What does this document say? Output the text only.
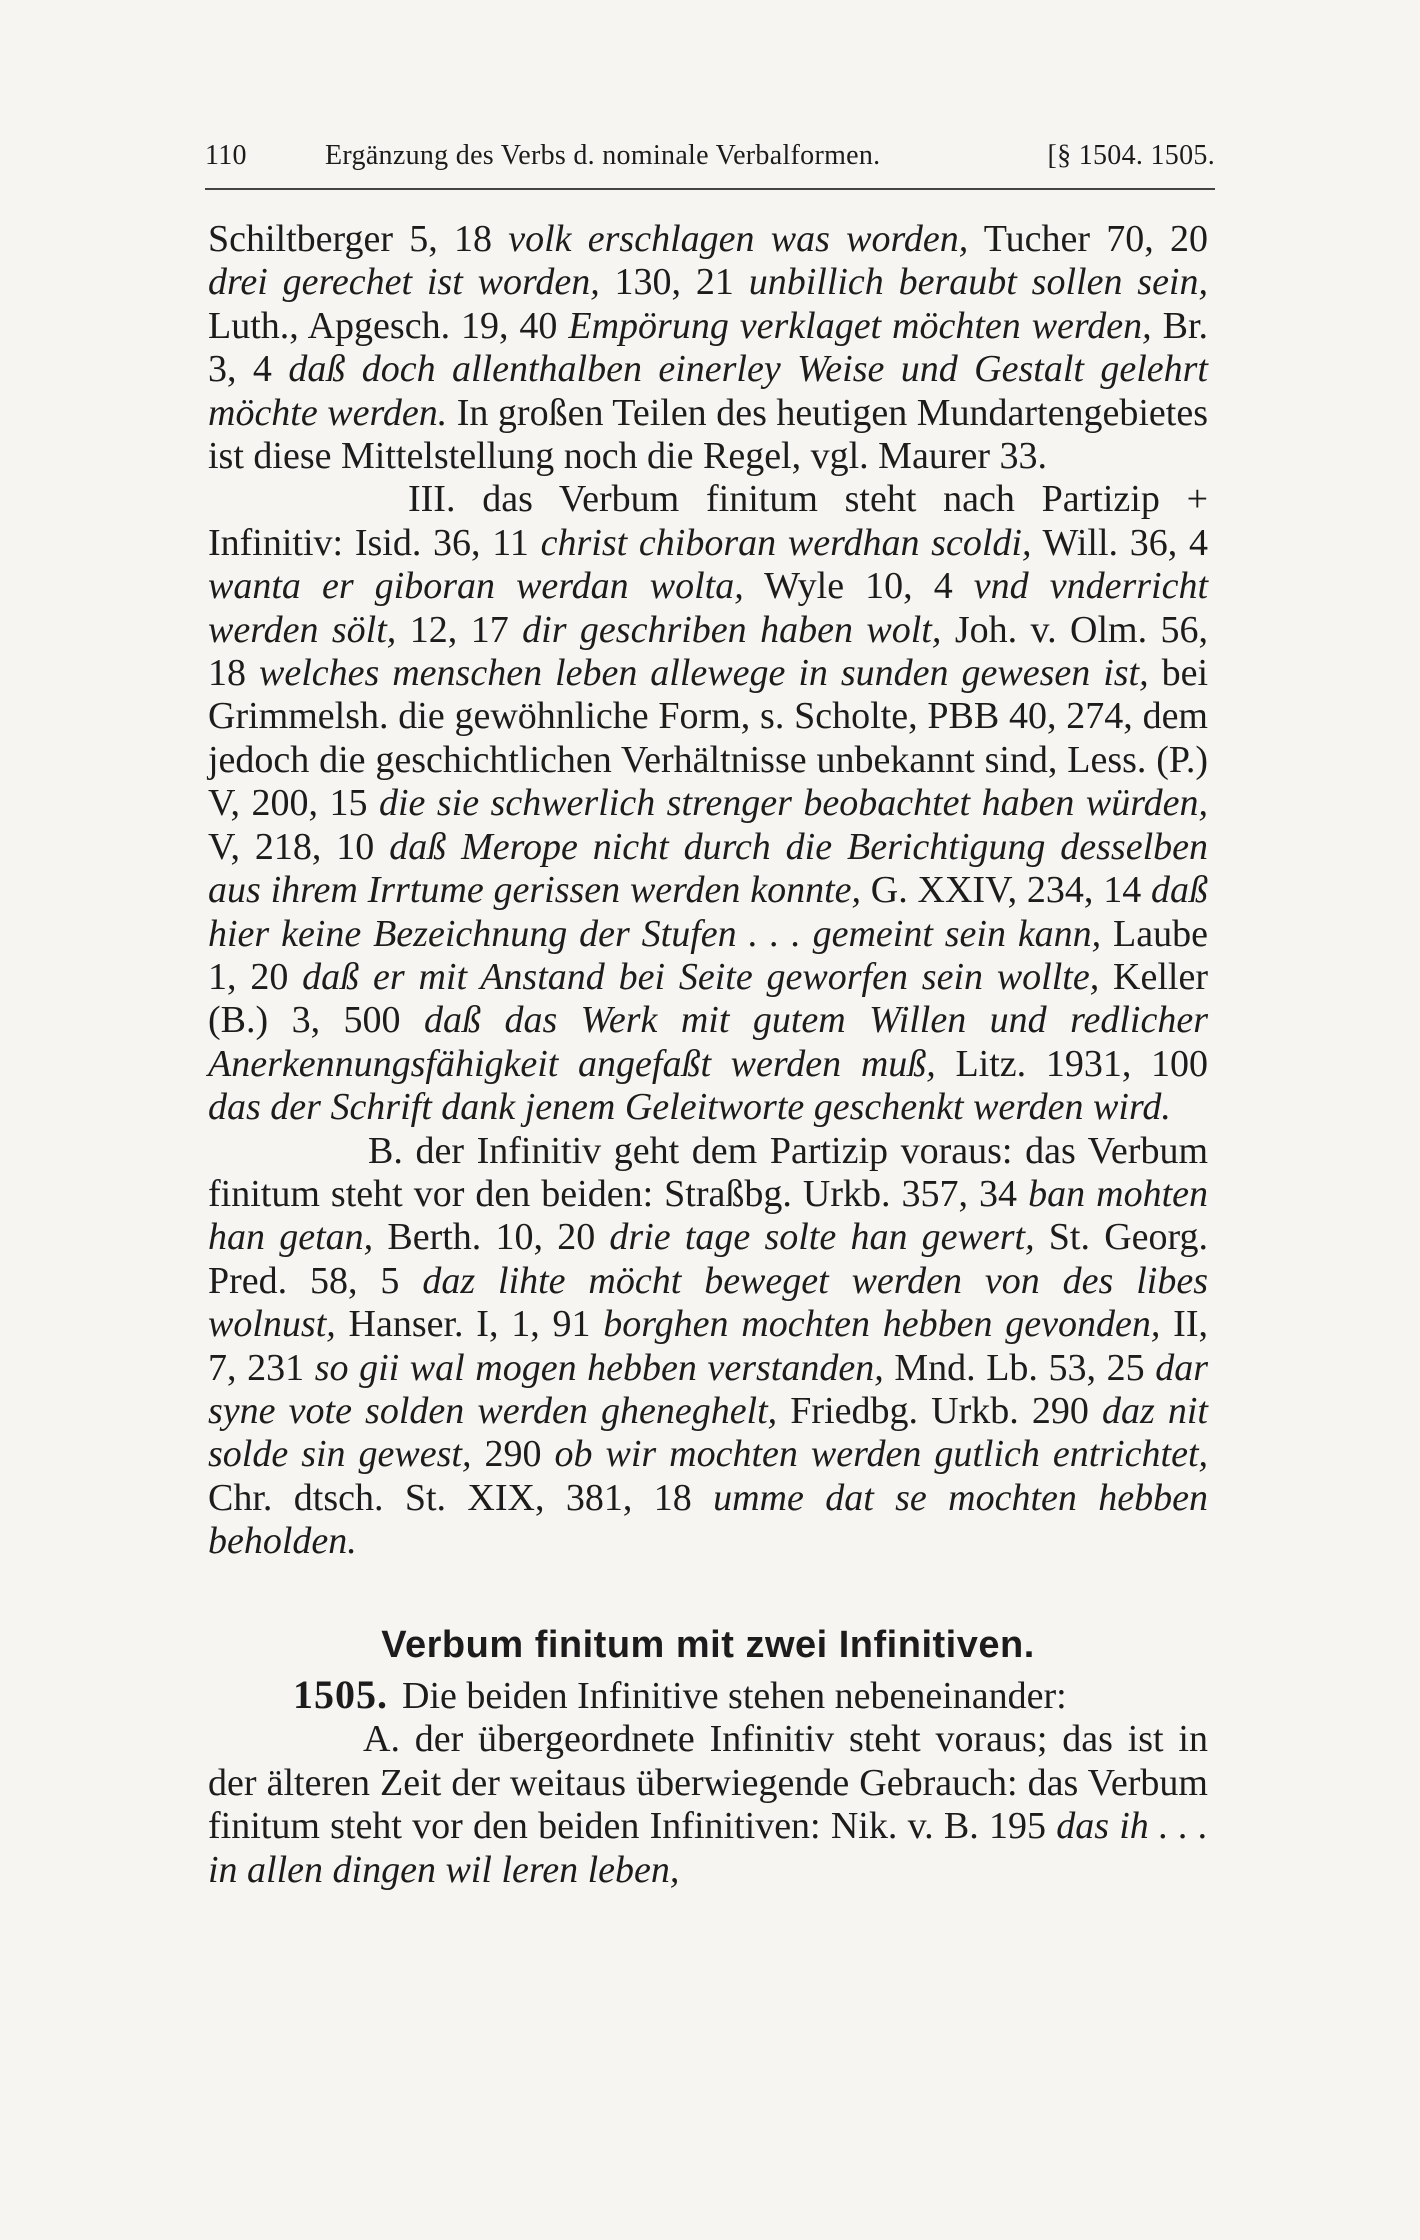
110	Ergänzung des Verbs d. nominale Verbalformen.	[§ 1504. 1505.

Schiltberger 5, 18 volk erschlagen was worden, Tucher 70, 20 drei gerechet ist worden, 130, 21 unbillich beraubt sollen sein, Luth., Apgesch. 19, 40 Empörung verklaget möchten werden, Br. 3, 4 daß doch allenthalben einerley Weise und Gestalt gelehrt möchte werden. In großen Teilen des heutigen Mundartengebietes ist diese Mittelstellung noch die Regel, vgl. Maurer 33.

III. das Verbum finitum steht nach Partizip + Infinitiv: Isid. 36, 11 christ chiboran werdhan scoldi, Will. 36, 4 wanta er giboran werdan wolta, Wyle 10, 4 vnd vnderricht werden sölt, 12, 17 dir geschriben haben wolt, Joh. v. Olm. 56, 18 welches menschen leben allewege in sunden gewesen ist, bei Grimmelsh. die gewöhnliche Form, s. Scholte, PBB 40, 274, dem jedoch die geschichtlichen Verhältnisse unbekannt sind, Less. (P.) V, 200, 15 die sie schwerlich strenger beobachtet haben würden, V, 218, 10 daß Merope nicht durch die Berichtigung desselben aus ihrem Irrtume gerissen werden konnte, G. XXIV, 234, 14 daß hier keine Bezeichnung der Stufen . . . gemeint sein kann, Laube 1, 20 daß er mit Anstand bei Seite geworfen sein wollte, Keller (B.) 3, 500 daß das Werk mit gutem Willen und redlicher Anerkennungsfähigkeit angefaßt werden muß, Litz. 1931, 100 das der Schrift dank jenem Geleitworte geschenkt werden wird.

B. der Infinitiv geht dem Partizip voraus: das Verbum finitum steht vor den beiden: Straßbg. Urkb. 357, 34 ban mohten han getan, Berth. 10, 20 drie tage solte han gewert, St. Georg. Pred. 58, 5 daz lihte möcht beweget werden von des libes wolnust, Hanser. I, 1, 91 borghen mochten hebben gevonden, II, 7, 231 so gii wal mogen hebben verstanden, Mnd. Lb. 53, 25 dar syne vote solden werden gheneghelt, Friedbg. Urkb. 290 daz nit solde sin gewest, 290 ob wir mochten werden gutlich entrichtet, Chr. dtsch. St. XIX, 381, 18 umme dat se mochten hebben beholden.

Verbum finitum mit zwei Infinitiven.

1505. Die beiden Infinitive stehen nebeneinander:

A. der übergeordnete Infinitiv steht voraus; das ist in der älteren Zeit der weitaus überwiegende Gebrauch: das Verbum finitum steht vor den beiden Infinitiven: Nik. v. B. 195 das ih . . . in allen dingen wil leren leben,
